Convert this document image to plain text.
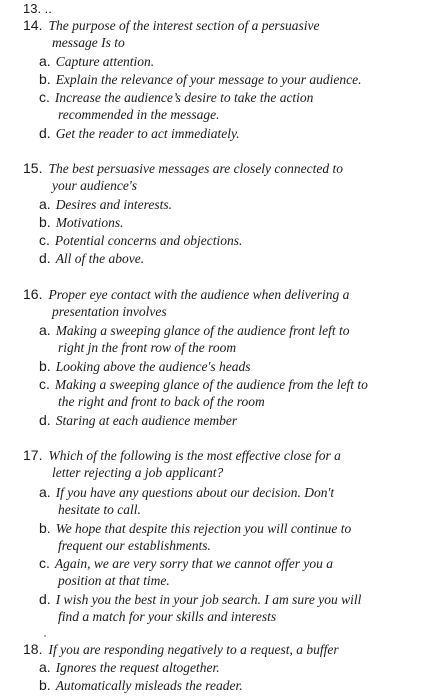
13. ..
14. The purpose of the interest section of a persuasive
message Is to
a. Capture attention.
b. Explain the relevance of your message to your audience.
c. Increase the audience’s desire to take the action
recommended in the message.
d. Get the reader to act immediately.
15. The best persuasive messages are closely connected to
your audience's
a. Desires and interests.
b. Motivations.
c. Potential concerns and objections.
d. All of the above.
16. Proper eye contact with the audience when delivering a
presentation involves
a. Making a sweeping glance of the audience front left to
right jn the front row of the room
b. Looking above the audience's heads
c. Making a sweeping glance of the audience from the left to
the right and front to back of the room
d. Staring at each audience member
17. Which of the following is the most effective close for a
letter rejecting a job applicant?
a. If you have any questions about our decision. Don't
hesitate to call.
b. We hope that despite this rejection you will continue to
frequent our establishments.
c. Again, we are very sorry that we cannot offer you a
position at that time.
d. I wish you the best in your job search. I am sure you will
find a match for your skills and interests
·
18. If you are responding negatively to a request, a buffer
a. Ignores the request altogether.
b. Automatically misleads the reader.
